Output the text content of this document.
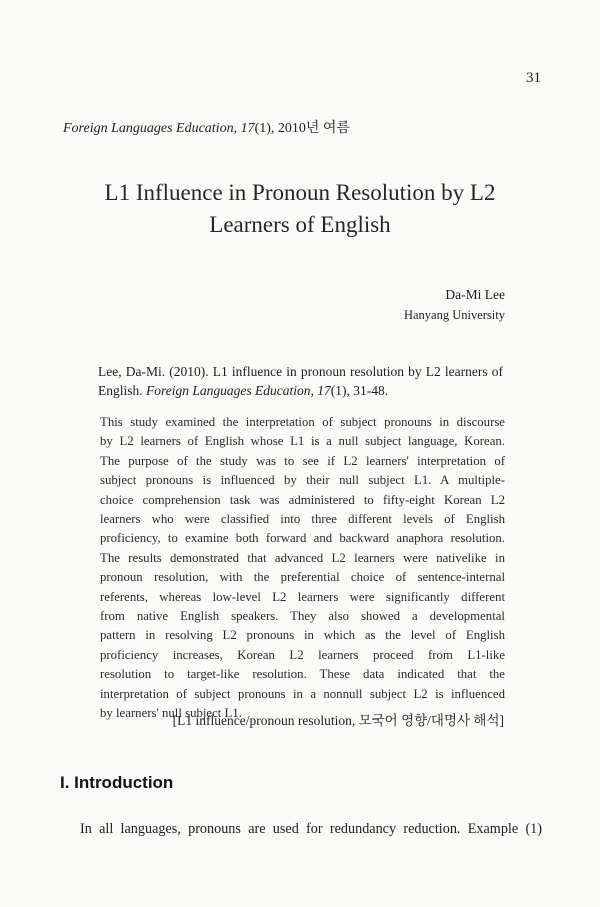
31
Foreign Languages Education, 17(1), 2010년 여름
L1 Influence in Pronoun Resolution by L2
Learners of English
Da-Mi Lee
Hanyang University
Lee, Da-Mi. (2010). L1 influence in pronoun resolution by L2 learners of English. Foreign Languages Education, 17(1), 31-48.
This study examined the interpretation of subject pronouns in discourse
by L2 learners of English whose L1 is a null subject language, Korean.
The purpose of the study was to see if L2 learners' interpretation of
subject pronouns is influenced by their null subject L1. A multiple-
choice comprehension task was administered to fifty-eight Korean L2
learners who were classified into three different levels of English
proficiency, to examine both forward and backward anaphora resolution.
The results demonstrated that advanced L2 learners were nativelike in
pronoun resolution, with the preferential choice of sentence-internal
referents, whereas low-level L2 learners were significantly different
from native English speakers. They also showed a developmental
pattern in resolving L2 pronouns in which as the level of English
proficiency increases, Korean L2 learners proceed from L1-like
resolution to target-like resolution. These data indicated that the
interpretation of subject pronouns in a nonnull subject L2 is influenced
by learners' null subject L1.
[L1 influence/pronoun resolution, 모국어 영향/대명사 해석]
I. Introduction
In all languages, pronouns are used for redundancy reduction. Example (1)
